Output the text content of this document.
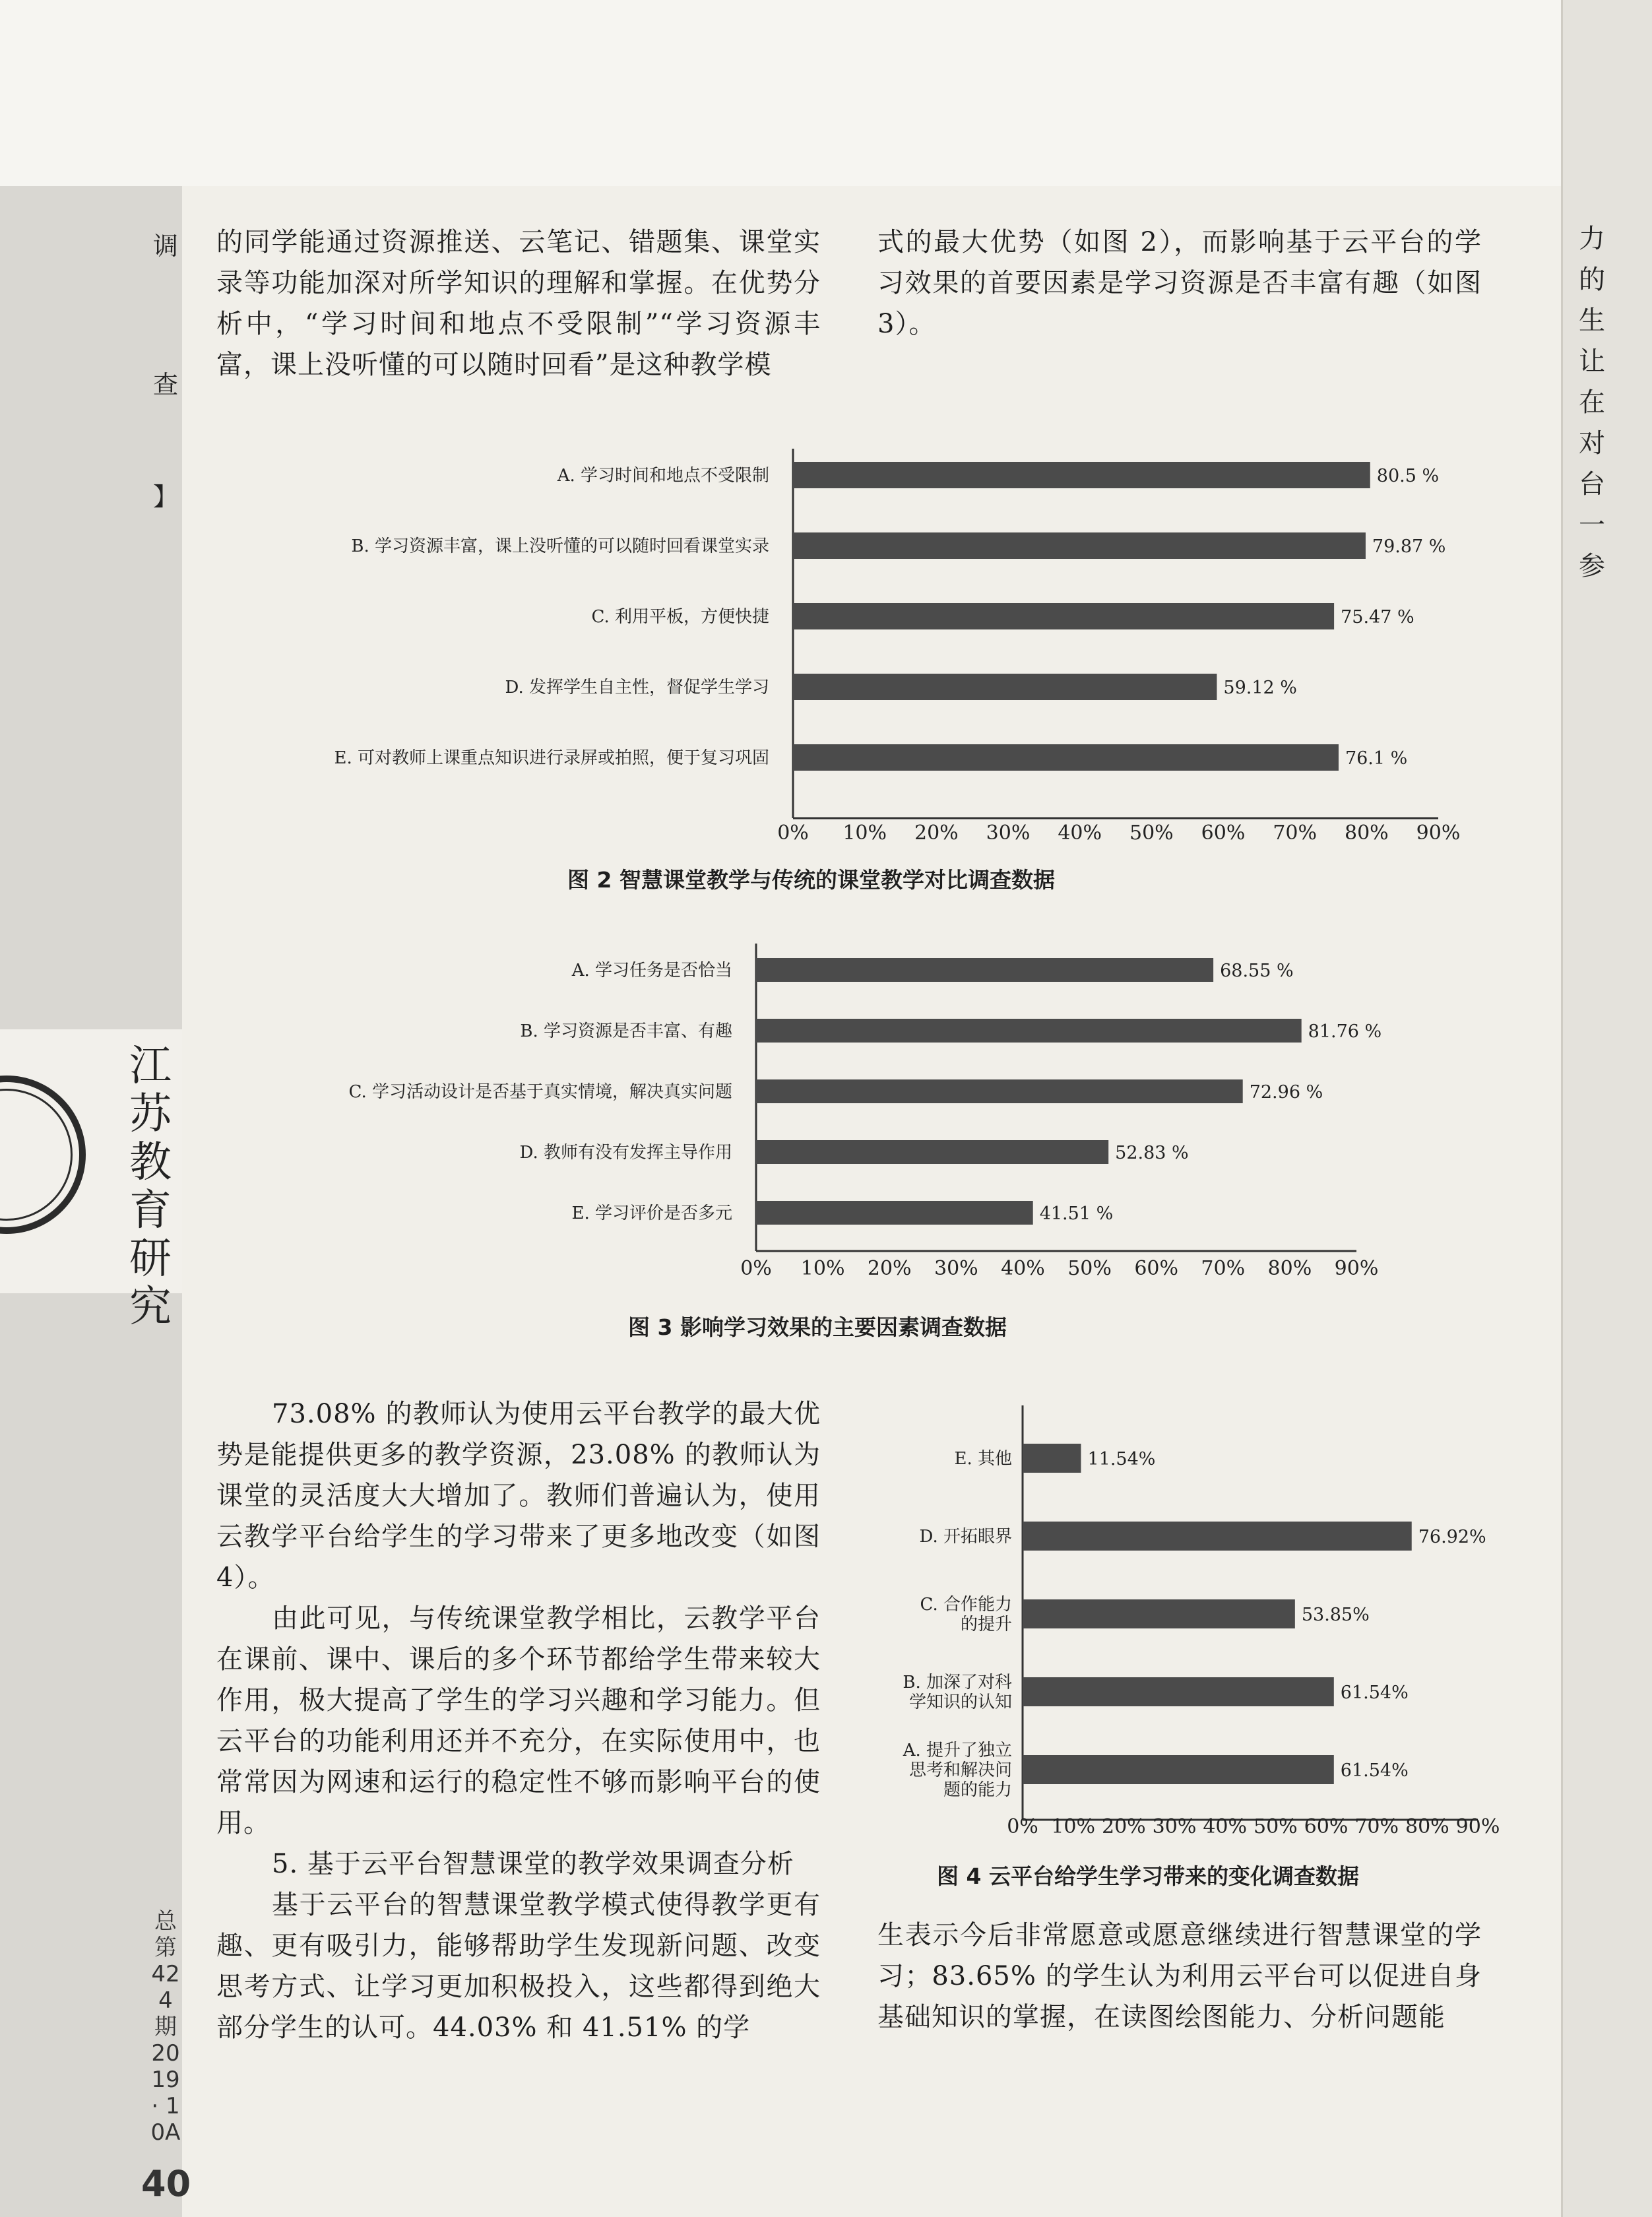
调
查
】
总第 424 期 2019 · 10A
40
江苏教育研究
力
的
生
让
在
对
台
一
参

的同学能通过资源推送、云笔记、错题集、课堂实录等功能加深对所学知识的理解和掌握。在优势分析中，“学习时间和地点不受限制”“学习资源丰富，课上没听懂的可以随时回看”是这种教学模

式的最大优势（如图 2），而影响基于云平台的学习效果的首要因素是学习资源是否丰富有趣（如图 3）。

80.5 %
A. 学习时间和地点不受限制
79.87 %
B. 学习资源丰富，课上没听懂的可以随时回看课堂实录
75.47 %
C. 利用平板，方便快捷
59.12 %
D. 发挥学生自主性，督促学生学习
76.1 %
E. 可对教师上课重点知识进行录屏或拍照，便于复习巩固
0% 10% 20% 30% 40% 50% 60% 70% 80% 90%
图 2 智慧课堂教学与传统的课堂教学对比调查数据
68.55 %
A. 学习任务是否恰当
81.76 %
B. 学习资源是否丰富、有趣
72.96 %
C. 学习活动设计是否基于真实情境，解决真实问题
52.83 %
D. 教师有没有发挥主导作用
41.51 %
E. 学习评价是否多元
0% 10% 20% 30% 40% 50% 60% 70% 80% 90%
图 3 影响学习效果的主要因素调查数据

73.08% 的教师认为使用云平台教学的最大优势是能提供更多的教学资源，23.08% 的教师认为课堂的灵活度大大增加了。教师们普遍认为，使用云教学平台给学生的学习带来了更多地改变（如图 4）。

由此可见，与传统课堂教学相比，云教学平台在课前、课中、课后的多个环节都给学生带来较大作用，极大提高了学生的学习兴趣和学习能力。但云平台的功能利用还并不充分，在实际使用中，也常常因为网速和运行的稳定性不够而影响平台的使用。

5. 基于云平台智慧课堂的教学效果调查分析

基于云平台的智慧课堂教学模式使得教学更有趣、更有吸引力，能够帮助学生发现新问题、改变思考方式、让学习更加积极投入，这些都得到绝大部分学生的认可。44.03% 和 41.51% 的学

11.54%
E. 其他
76.92%
D. 开拓眼界
53.85%
C. 合作能力
的提升
61.54%
B. 加深了对科
学知识的认知
61.54%
A. 提升了独立
思考和解决问
题的能力
0% 10% 20% 30% 40% 50% 60% 70% 80% 90%
图 4 云平台给学生学习带来的变化调查数据

生表示今后非常愿意或愿意继续进行智慧课堂的学习；83.65% 的学生认为利用云平台可以促进自身基础知识的掌握，在读图绘图能力、分析问题能
